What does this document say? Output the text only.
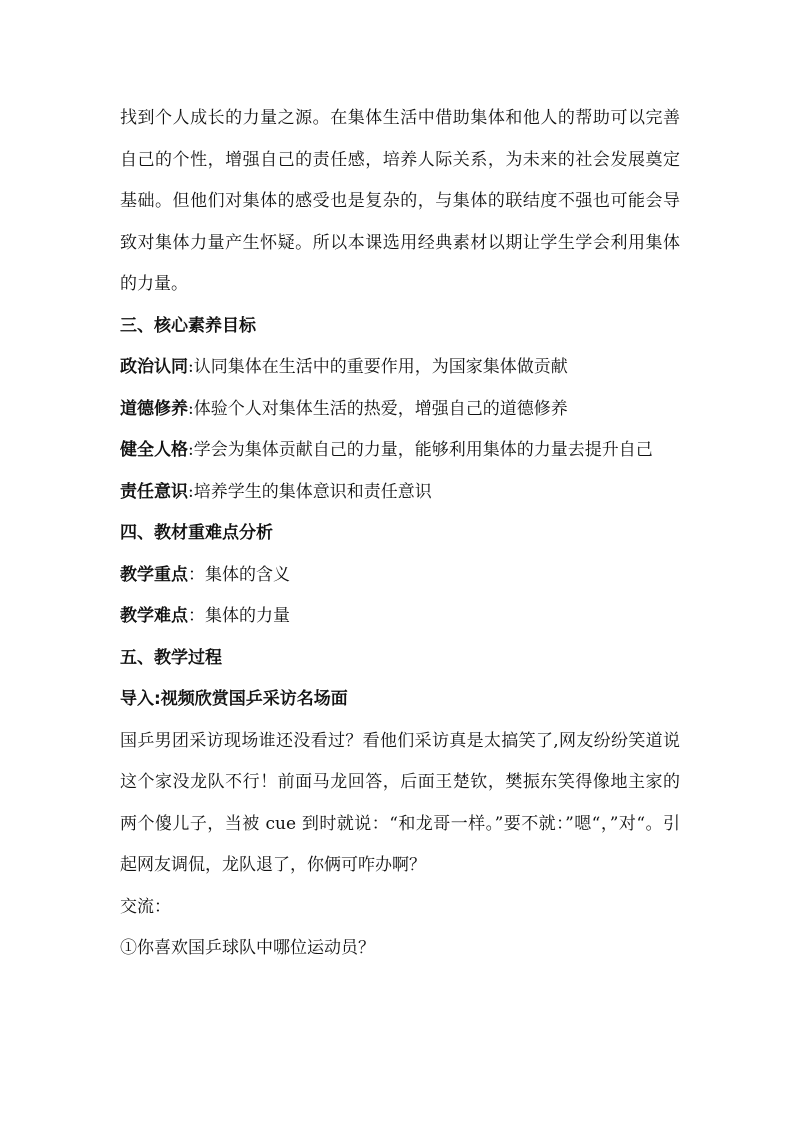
找到个人成长的力量之源。在集体生活中借助集体和他人的帮助可以完善自己的个性，增强自己的责任感，培养人际关系，为未来的社会发展奠定基础。但他们对集体的感受也是复杂的，与集体的联结度不强也可能会导致对集体力量产生怀疑。所以本课选用经典素材以期让学生学会利用集体的力量。

三、核心素养目标

政治认同:认同集体在生活中的重要作用，为国家集体做贡献

道德修养:体验个人对集体生活的热爱，增强自己的道德修养

健全人格:学会为集体贡献自己的力量，能够利用集体的力量去提升自己

责任意识:培养学生的集体意识和责任意识

四、教材重难点分析

教学重点：集体的含义

教学难点：集体的力量

五、教学过程

导入:视频欣赏国乒采访名场面

国乒男团采访现场谁还没看过？看他们采访真是太搞笑了,网友纷纷笑道说这个家没龙队不行！前面马龙回答，后面王楚钦，樊振东笑得像地主家的两个傻儿子，当被 cue 到时就说：“和龙哥一样。”要不就：”嗯“，”对“。引起网友调侃，龙队退了，你俩可咋办啊？

交流：

①你喜欢国乒球队中哪位运动员？
